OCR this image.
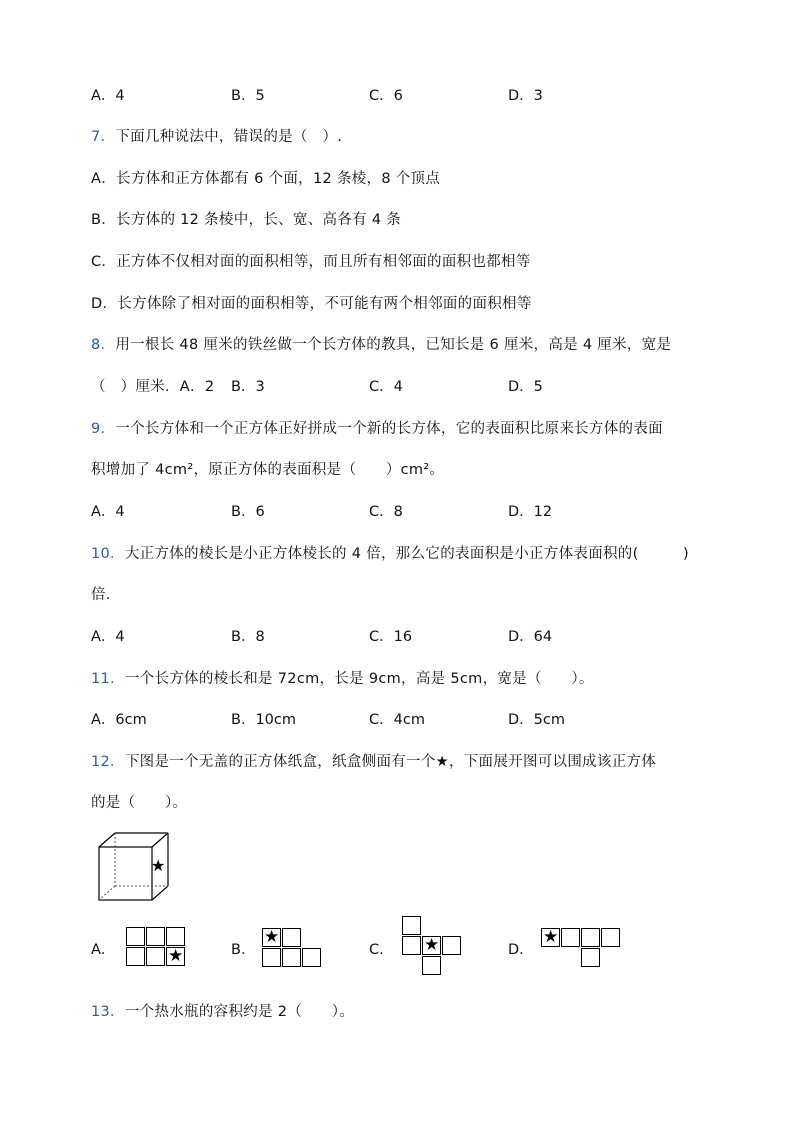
A．4	B．5	C．6	D．3
7．下面几种说法中，错误的是（　）.
A．长方体和正方体都有 6 个面，12 条棱，8 个顶点
B．长方体的 12 条棱中，长、宽、高各有 4 条
C．正方体不仅相对面的面积相等，而且所有相邻面的面积也都相等
D．长方体除了相对面的面积相等，不可能有两个相邻面的面积相等
8．用一根长 48 厘米的铁丝做一个长方体的教具，已知长是 6 厘米，高是 4 厘米，宽是
（　）厘米．A．2 B．3	C．4	D．5
9．一个长方体和一个正方体正好拼成一个新的长方体，它的表面积比原来长方体的表面
积增加了 4cm²，原正方体的表面积是（　　）cm²。
A．4	B．6	C．8	D．12
10．大正方体的棱长是小正方体棱长的 4 倍，那么它的表面积是小正方体表面积的(　　　)
倍．
A．4	B．8	C．16	D．64
11．一个长方体的棱长和是 72cm，长是 9cm，高是 5cm，宽是（　　）。
A．6cm	B．10cm	C．4cm	D．5cm
12．下图是一个无盖的正方体纸盒，纸盒侧面有一个★，下面展开图可以围成该正方体
的是（　　）。
★
A．	★	B．
★
C． ★	D．
★
13．一个热水瓶的容积约是 2（　　）。
